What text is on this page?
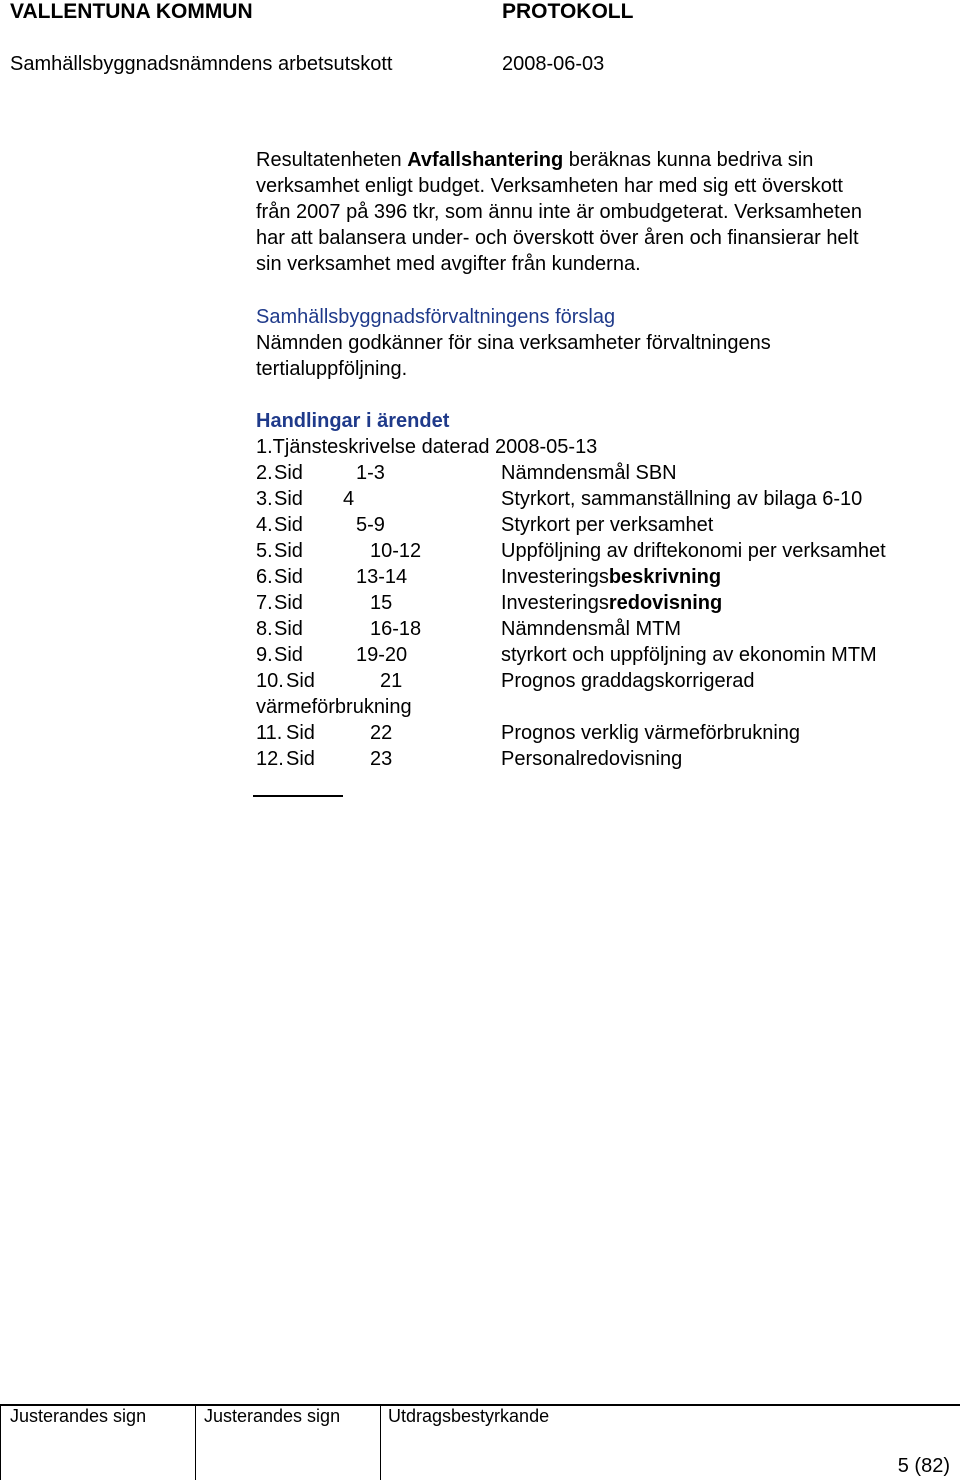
VALLENTUNA KOMMUN	PROTOKOLL
Samhällsbyggnadsnämndens arbetsutskott	2008-06-03

Resultatenheten Avfallshantering beräknas kunna bedriva sin

verksamhet enligt budget. Verksamheten har med sig ett överskott

från 2007 på 396 tkr, som ännu inte är ombudgeterat. Verksamheten

har att balansera under- och överskott över åren och finansierar helt

sin verksamhet med avgifter från kunderna.

Samhällsbyggnadsförvaltningens förslag

Nämnden godkänner för sina verksamheter förvaltningens

tertialuppföljning.

Handlingar i ärendet

1.Tjänsteskrivelse daterad 2008-05-13

2. Sid	1-3	Nämndensmål SBN
3. Sid 4	Styrkort, sammanställning av bilaga 6-10
4. Sid	5-9	Styrkort per verksamhet
5. Sid	10-12	Uppföljning av driftekonomi per verksamhet
6. Sid	13-14	Investeringsbeskrivning
7. Sid	15	Investeringsredovisning
8. Sid	16-18	Nämndensmål MTM
9. Sid	19-20	styrkort och uppföljning av ekonomin MTM
10. Sid	21	Prognos graddagskorrigerad

värmeförbrukning

11. Sid	22	Prognos verklig värmeförbrukning
12. Sid	23	Personalredovisning
Justerandes sign	Justerandes sign	Utdragsbestyrkande
5 (82)
